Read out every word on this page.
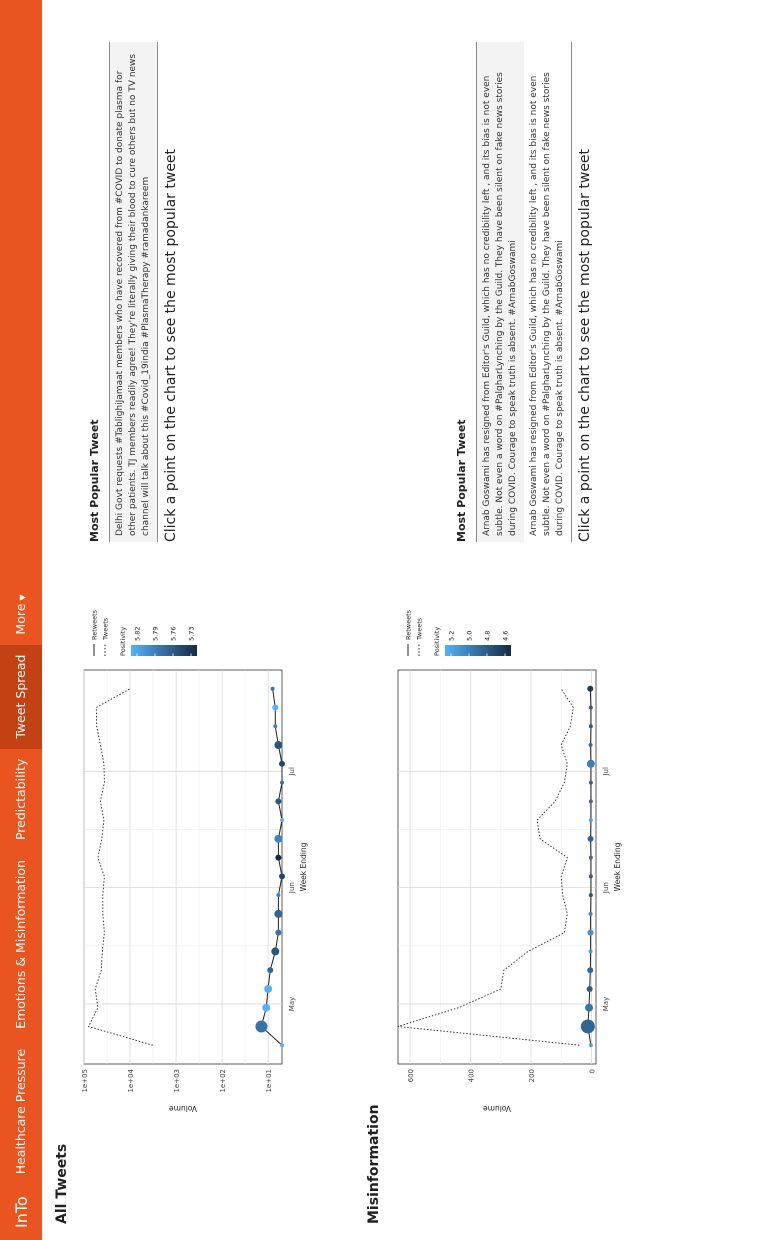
InTo
Healthcare Pressure
Emotions & Misinformation
Predictability
Tweet Spread
More▼
All Tweets
1e+01
1e+02
1e+03
1e+04
1e+05
May
Jun
Jul
Week Ending
Volume
Retweets Tweets Positivity 5.82 5.79 5.76 5.73
Misinformation
0
200
400
600
May
Jun
Jul
Week Ending
Volume
Retweets Tweets Positivity 5.2 5.0 4.8 4.6
Most Popular Tweet	Delhi Govt requests #TablighiJamaat members who have recovered from #COVID to donate plasma for other patients. TJ members readily agree! They're literally giving their blood to cure others but no TV news channel will talk about this #Covid_19india #PlasmaTherapy #ramadankareem Click a point on the chart to see the most popular tweet	Most Popular Tweet	Arnab Goswami has resigned from Editor's Guild, which has no credibility left , and its bias is not even subtle. Not even a word on #PalgharLynching by the Guild. They have been silent on fake news stories during COVID. Courage to speak truth is absent. #ArnabGoswami	Arnab Goswami has resigned from Editor's Guild, which has no credibility left , and its bias is not even subtle. Not even a word on #PalgharLynching by the Guild. They have been silent on fake news stories during COVID. Courage to speak truth is absent. #ArnabGoswami Click a point on the chart to see the most popular tweet
